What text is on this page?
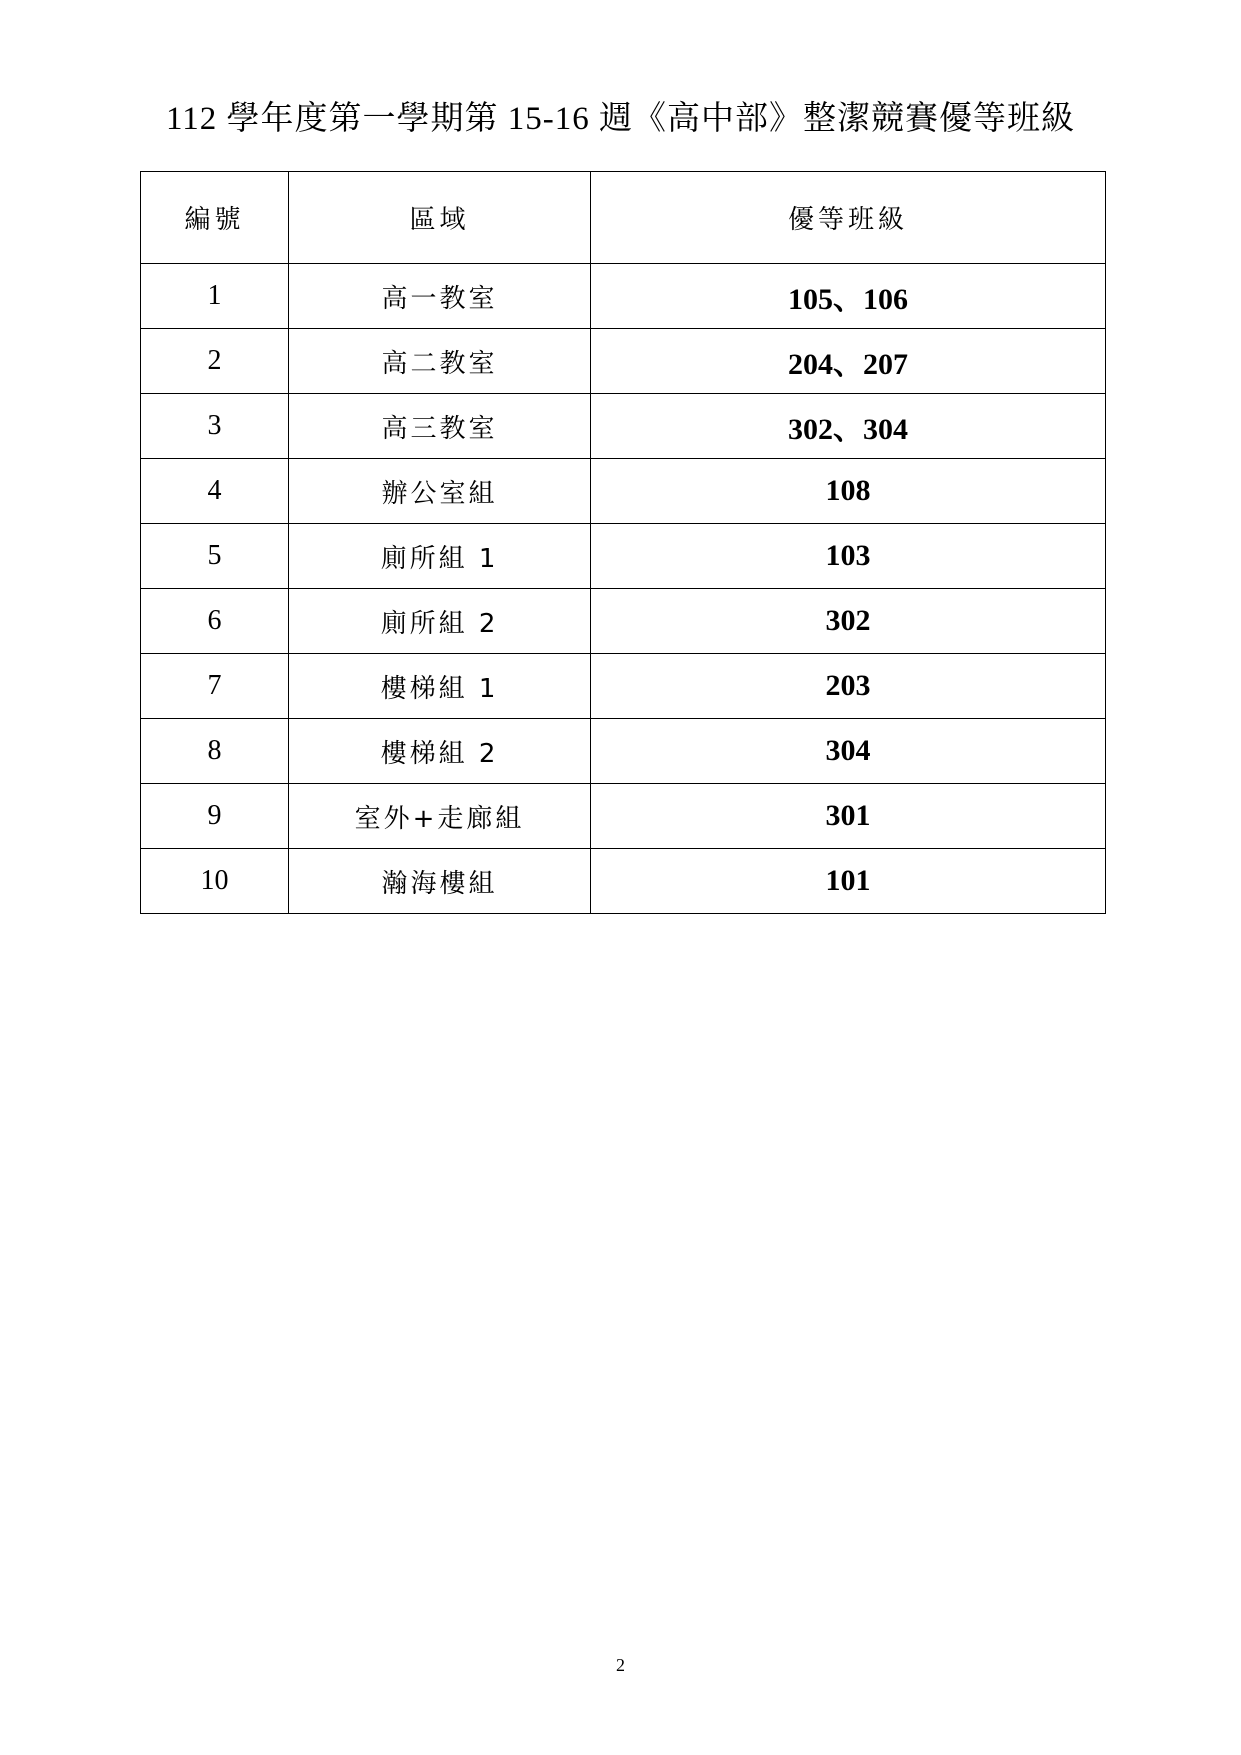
112 學年度第一學期第 15-16 週《高中部》整潔競賽優等班級
編號	區域	優等班級
1	高一教室	105、106
2	高二教室	204、207
3	高三教室	302、304
4	辦公室組	108
5	廁所組 1	103
6	廁所組 2	302
7	樓梯組 1	203
8	樓梯組 2	304
9	室外+走廊組	301
10	瀚海樓組	101
2
